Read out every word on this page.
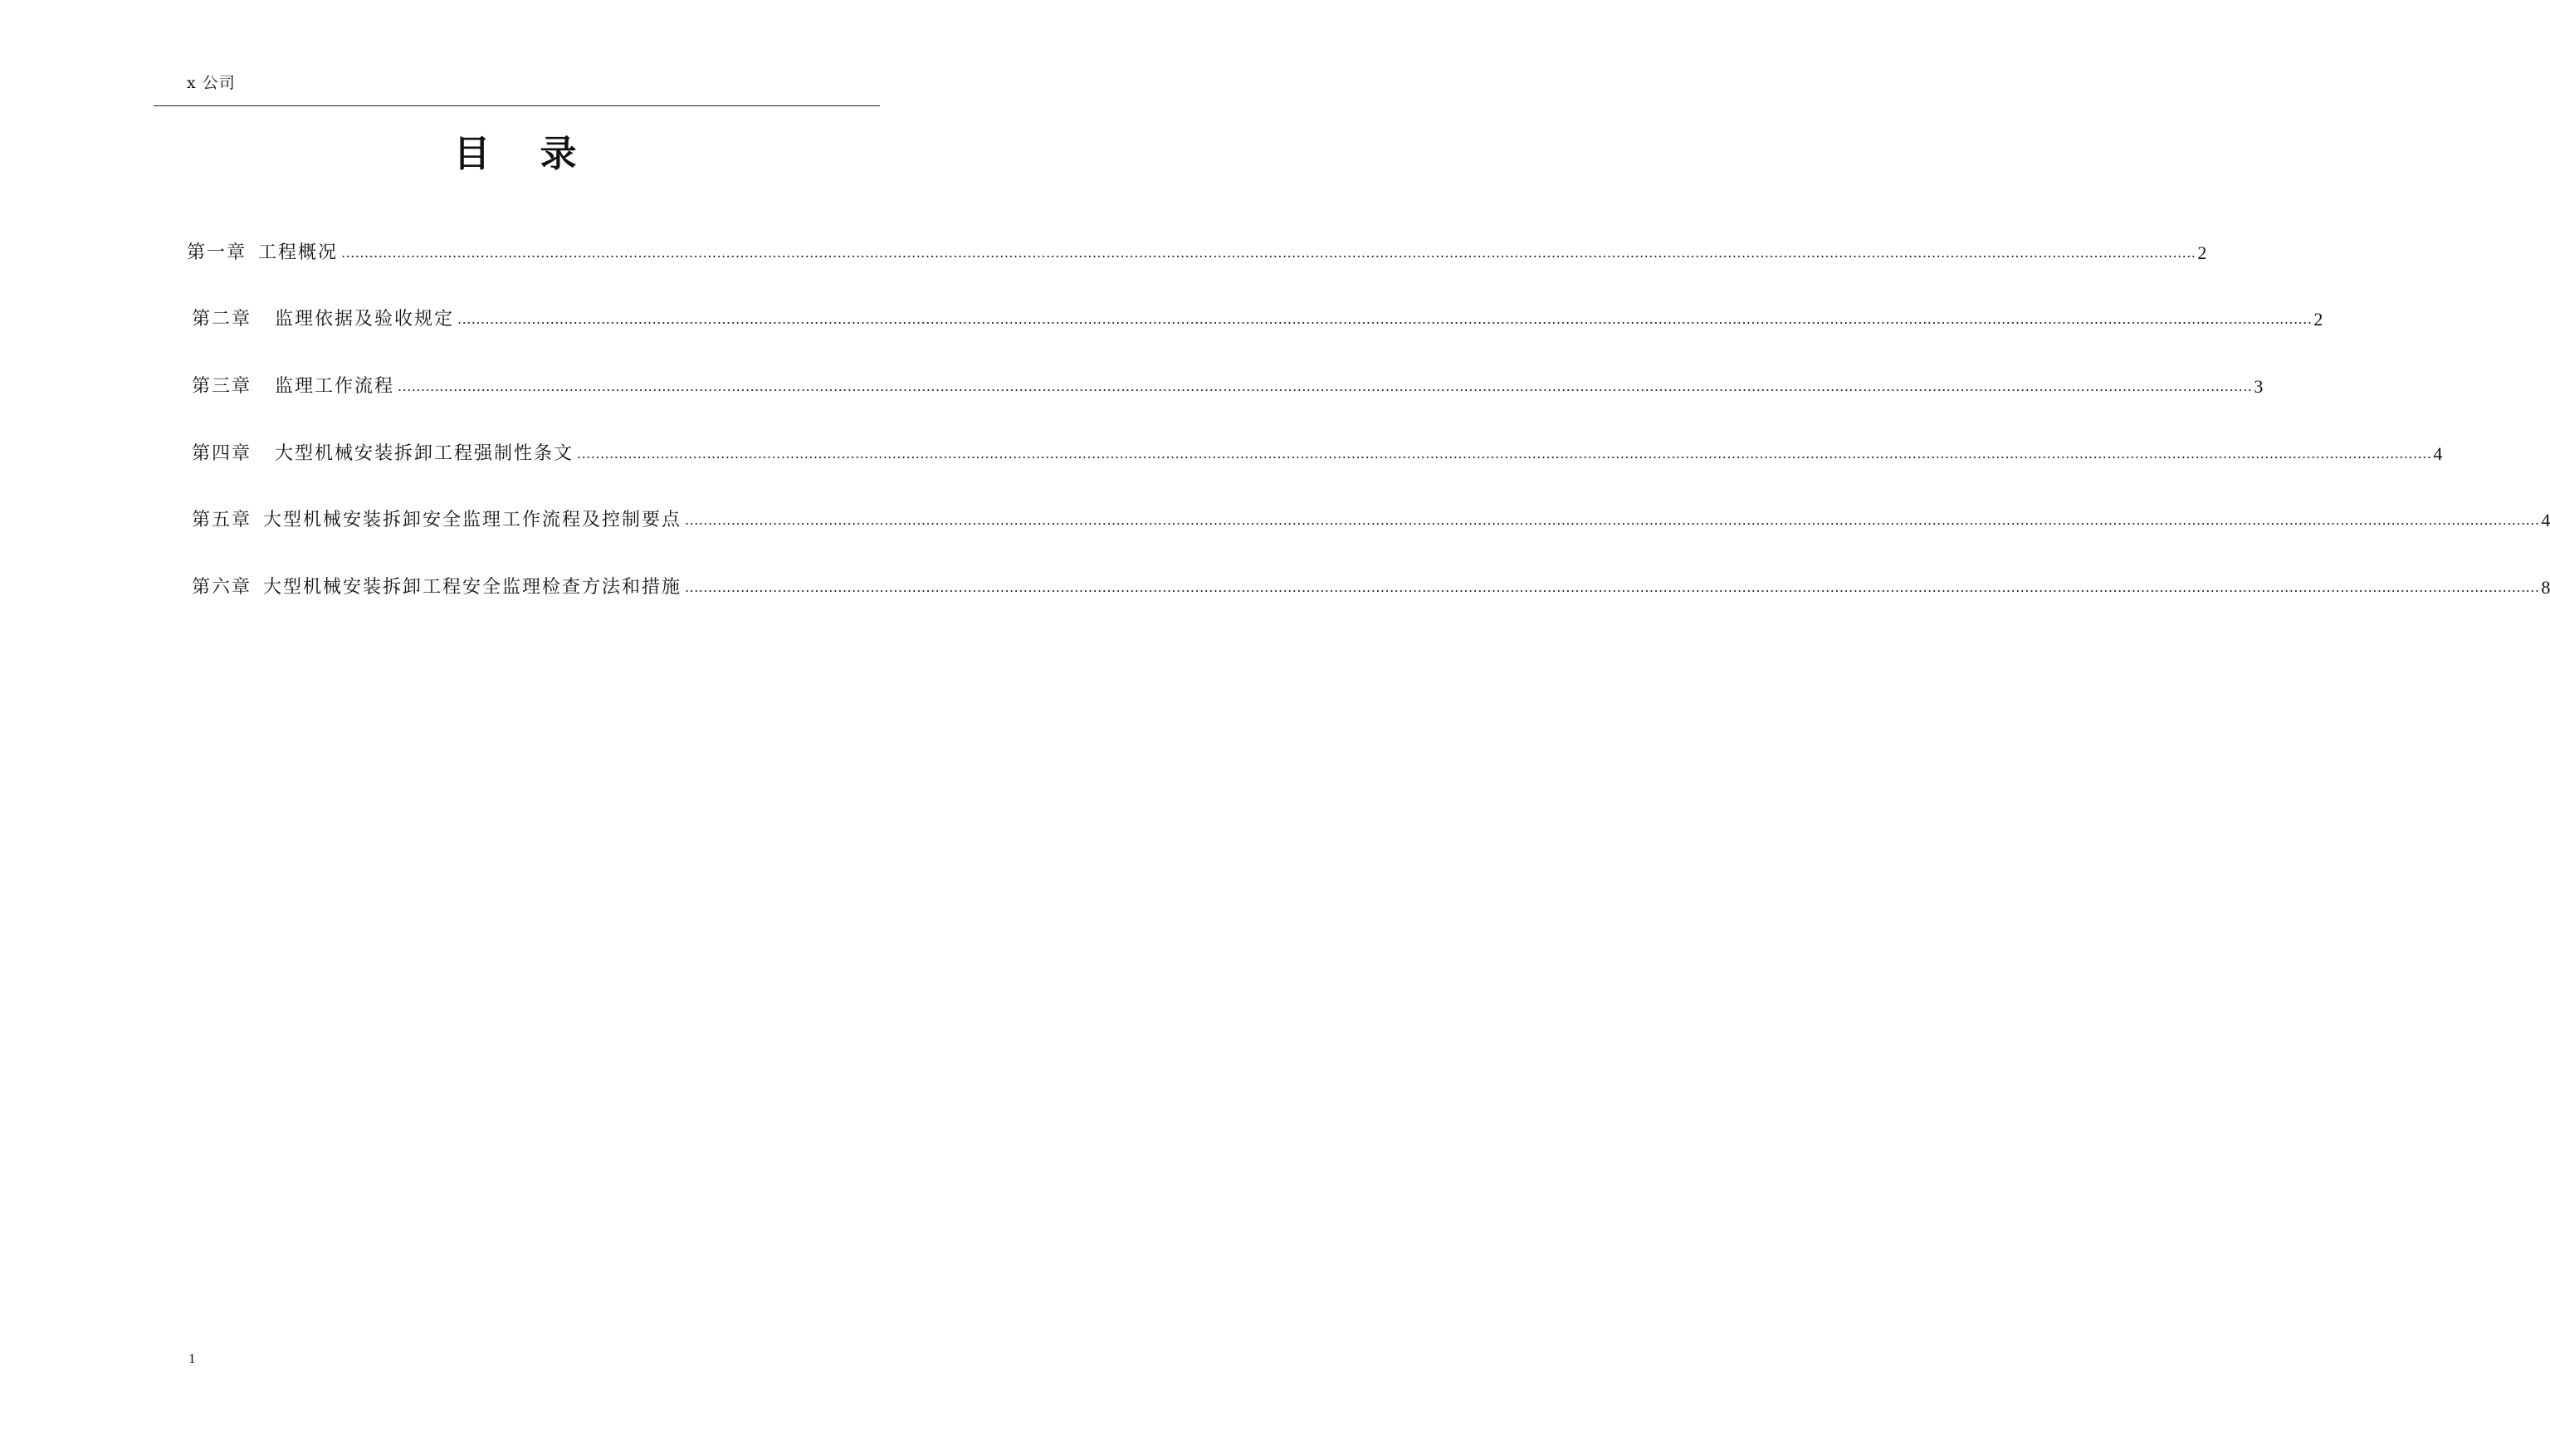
x 公司
目 录
第一章 工程概况 ................................................................................................................................................................................................................................................................................................................................................................................................................ 2
第二章 监理依据及验收规定 ................................................................................................................................................................................................................................................................................................................................................................................................................ 2
第三章 监理工作流程 ................................................................................................................................................................................................................................................................................................................................................................................................................ 3
第四章 大型机械安装拆卸工程强制性条文 ................................................................................................................................................................................................................................................................................................................................................................................................................ 4
第五章 大型机械安装拆卸安全监理工作流程及控制要点 ................................................................................................................................................................................................................................................................................................................................................................................................................ 4
第六章 大型机械安装拆卸工程安全监理检查方法和措施 ................................................................................................................................................................................................................................................................................................................................................................................................................ 8
1
